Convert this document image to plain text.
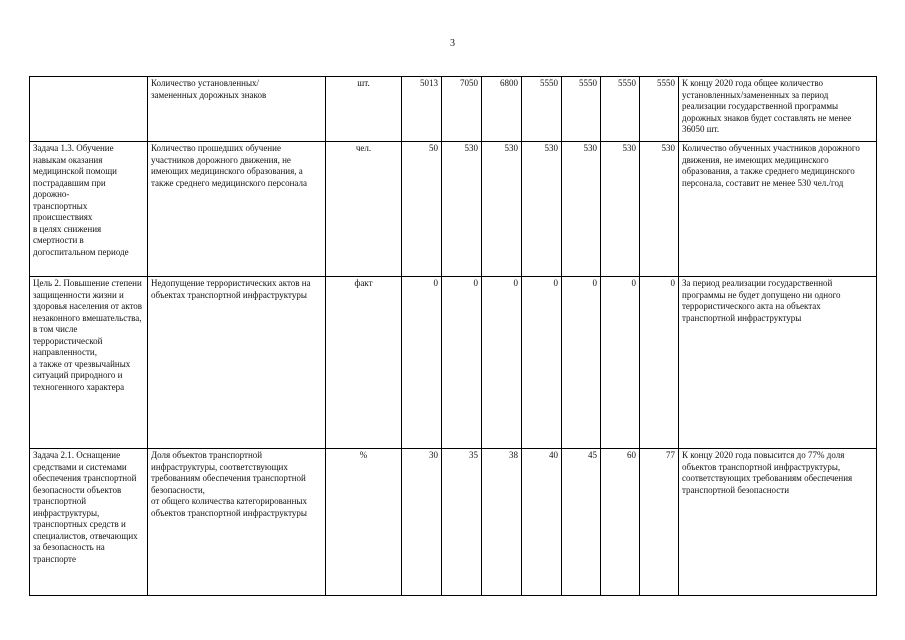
3

	Количество установленных/
замененных дорожных знаков	шт.	5013	7050	6800	5550	5550	5550	5550	К концу 2020 года общее количество установленных/замененных за период реализации государственной программы дорожных знаков будет составлять не менее 36050 шт.

Задача 1.3. Обучение навыкам оказания медицинской помощи пострадавшим при дорожно-
транспортных происшествиях
в целях снижения смертности в догоспитальном периоде	Количество прошедших обучение участников дорожного движения, не имеющих медицинского образования, а также среднего медицинского персонала	чел.	50	530	530	530	530	530	530	Количество обученных участников дорожного движения, не имеющих медицинского образования, а также среднего медицинского персонала, составит не менее 530 чел./год

Цель 2. Повышение степени защищенности жизни и здоровья населения от актов незаконного вмешательства,
в том числе террористической направленности,
а также от чрезвычайных ситуаций природного и техногенного характера	Недопущение террористических актов на объектах транспортной инфраструктуры	факт	0	0	0	0	0	0	0	За период реализации государственной программы не будет допущено ни одного террористического акта на объектах транспортной инфраструктуры

Задача 2.1. Оснащение средствами и системами обеспечения транспортной безопасности объектов транспортной инфраструктуры, транспортных средств и специалистов, отвечающих за безопасность на транспорте	Доля объектов транспортной инфраструктуры, соответствующих требованиям обеспечения транспортной безопасности,
от общего количества категорированных объектов транспортной инфраструктуры	%	30	35	38	40	45	60	77	К концу 2020 года повысится до 77% доля объектов транспортной инфраструктуры, соответствующих требованиям обеспечения транспортной безопасности
